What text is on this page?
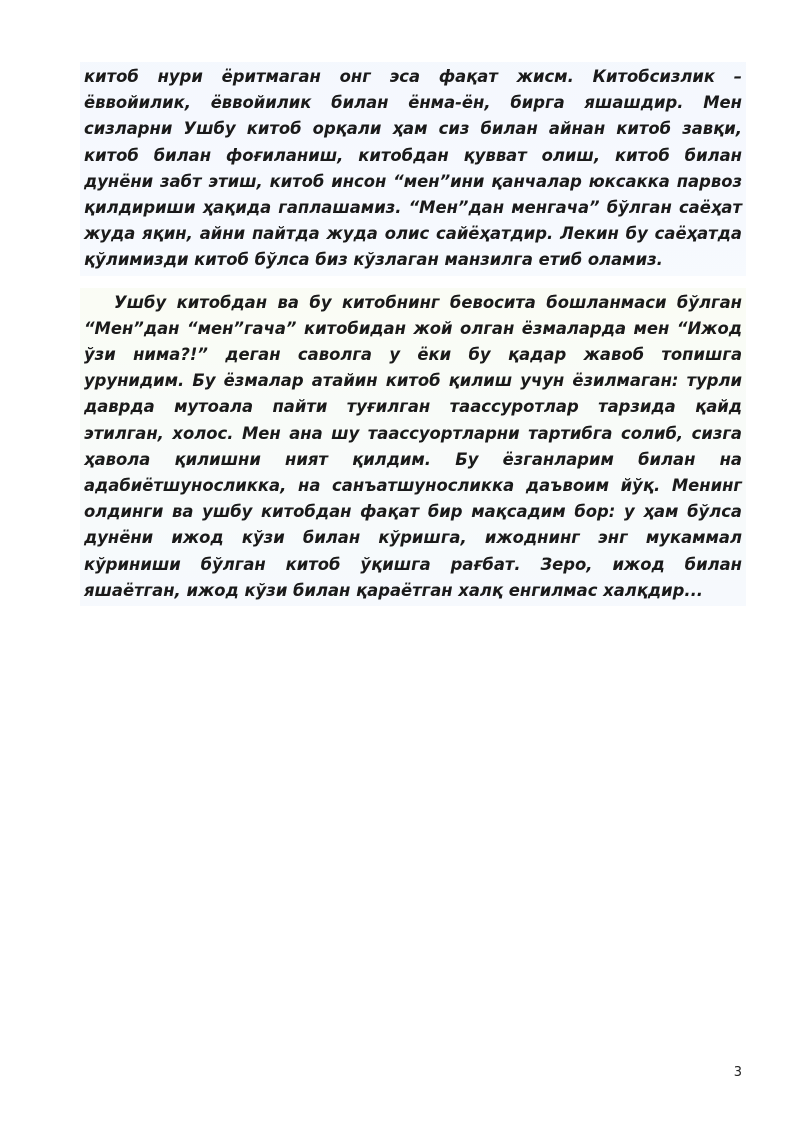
китоб нури ёритмаган онг эса фақат жисм. Китобсизлик – ёввойилик, ёввойилик билан ёнма-ён, бирга яшашдир. Мен сизларни Ушбу китоб орқали ҳам сиз билан айнан китоб завқи, китоб билан фоғиланиш, китобдан қувват олиш, китоб билан дунёни забт этиш, китоб инсон “мен”ини қанчалар юксакка парвоз қилдириши ҳақида гаплашамиз. “Мен”дан менгача” бўлган саёҳат жуда яқин, айни пайтда жуда олис сайёҳатдир. Лекин бу саёҳатда қўлимизди китоб бўлса биз кўзлаган манзилга етиб оламиз.

Ушбу китобдан ва бу китобнинг бевосита бошланмаси бўлган “Мен”дан “мен”гача” китобидан жой олган ёзмаларда мен “Ижод ўзи нима?!” деган саволга у ёки бу қадар жавоб топишга урунидим. Бу ёзмалар атайин китоб қилиш учун ёзилмаган: турли даврда мутоала пайти туғилган таассуротлар тарзида қайд этилган, холос. Мен ана шу таассуортларни тартибга солиб, сизга ҳавола қилишни ният қилдим. Бу ёзганларим билан на адабиётшуносликка, на санъатшуносликка даъвоим йўқ. Менинг олдинги ва ушбу китобдан фақат бир мақсадим бор: у ҳам бўлса дунёни ижод кўзи билан кўришга, ижоднинг энг мукаммал кўриниши бўлган китоб ўқишга рағбат. Зеро, ижод билан яшаётган, ижод кўзи билан қараётган халқ енгилмас халқдир...

3
